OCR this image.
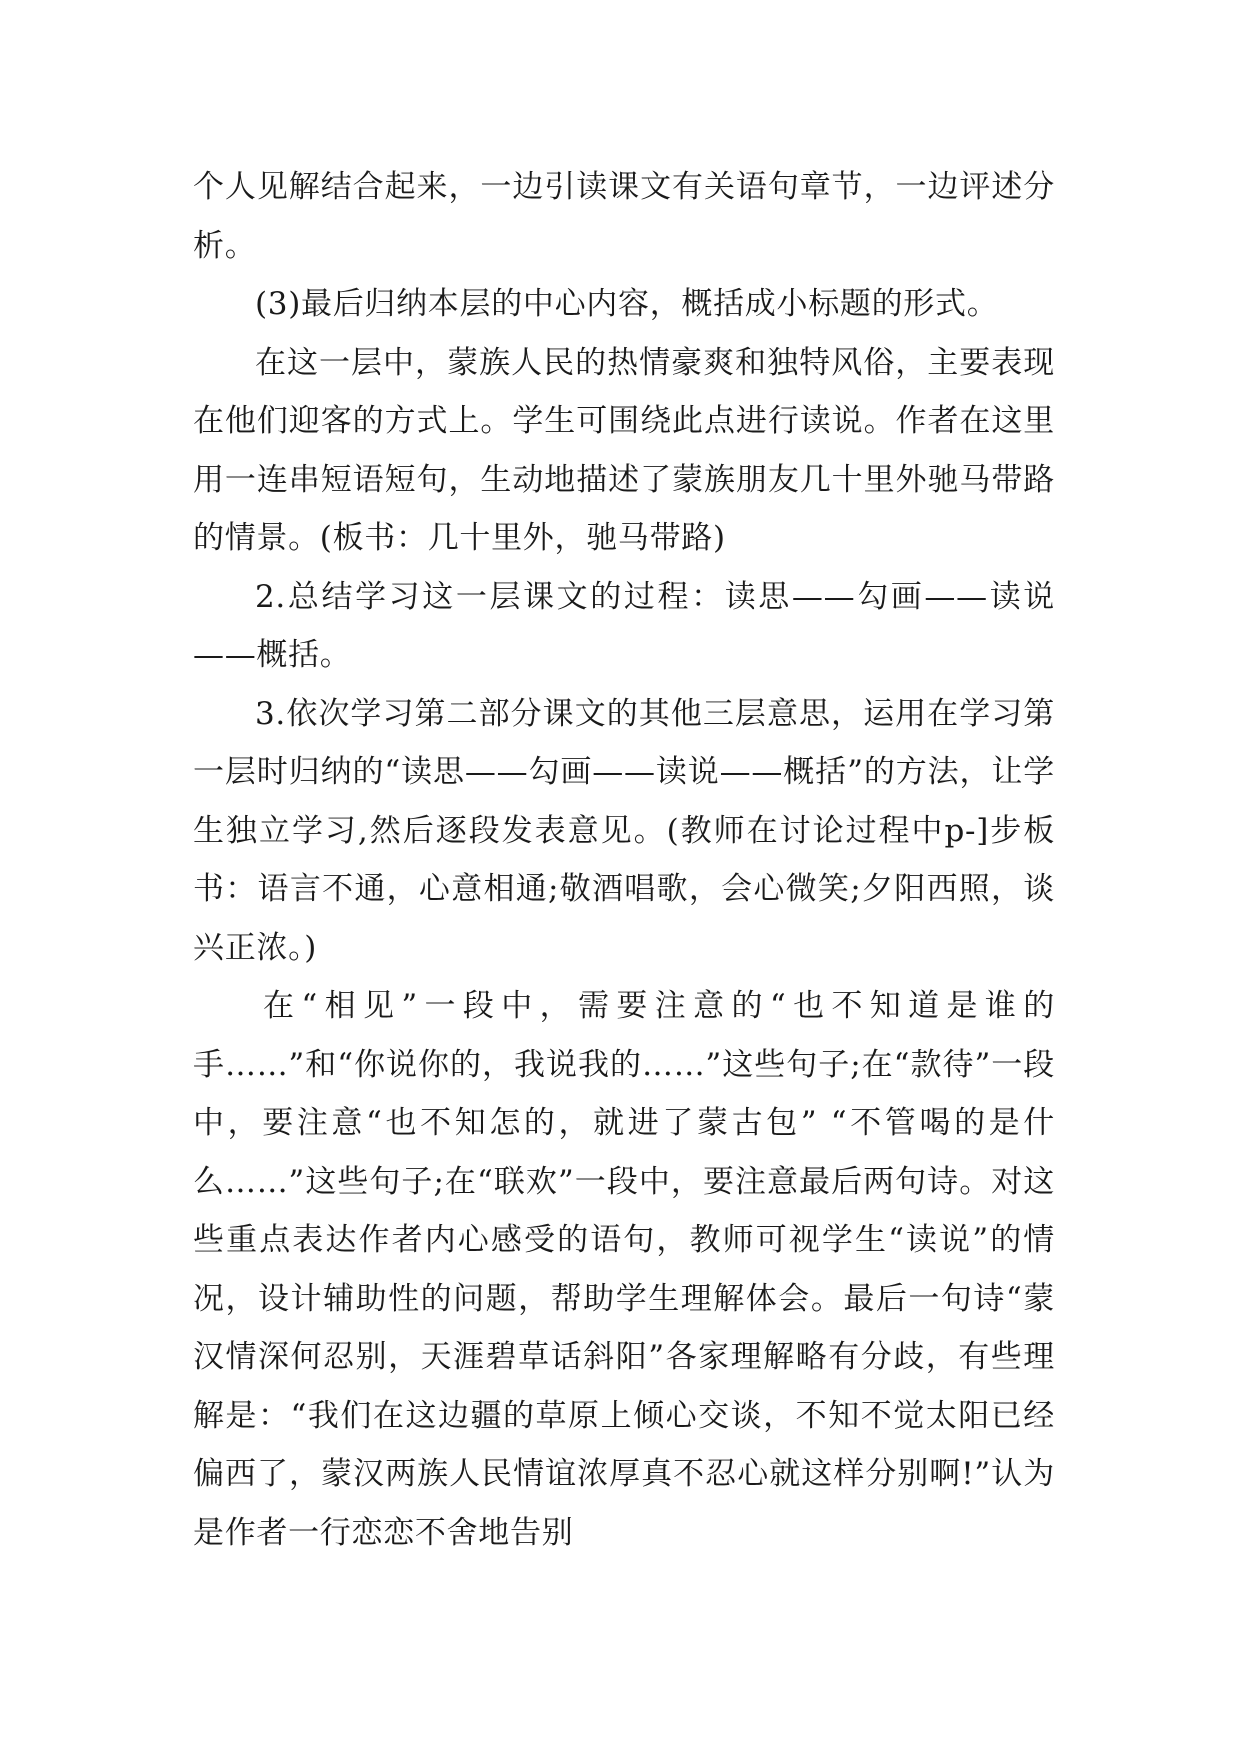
个人见解结合起来，一边引读课文有关语句章节，一边评述分析。

(3)最后归纳本层的中心内容，概括成小标题的形式。

在这一层中，蒙族人民的热情豪爽和独特风俗，主要表现在他们迎客的方式上。学生可围绕此点进行读说。作者在这里用一连串短语短句，生动地描述了蒙族朋友几十里外驰马带路的情景。(板书：几十里外，驰马带路)

2.总结学习这一层课文的过程：读思——勾画——读说——概括。

3.依次学习第二部分课文的其他三层意思，运用在学习第一层时归纳的“读思——勾画——读说——概括”的方法，让学生独立学习,然后逐段发表意见。(教师在讨论过程中p-]步板书：语言不通，心意相通;敬酒唱歌，会心微笑;夕阳西照，谈兴正浓。)

在“相见”一段中，需要注意的“也不知道是谁的手……”和“你说你的，我说我的……”这些句子;在“款待”一段中，要注意“也不知怎的，就进了蒙古包” “不管喝的是什么……”这些句子;在“联欢”一段中，要注意最后两句诗。对这些重点表达作者内心感受的语句，教师可视学生“读说”的情况，设计辅助性的问题，帮助学生理解体会。最后一句诗“蒙汉情深何忍别，天涯碧草话斜阳”各家理解略有分歧，有些理解是：“我们在这边疆的草原上倾心交谈，不知不觉太阳已经偏西了，蒙汉两族人民情谊浓厚真不忍心就这样分别啊!”认为是作者一行恋恋不舍地告别
